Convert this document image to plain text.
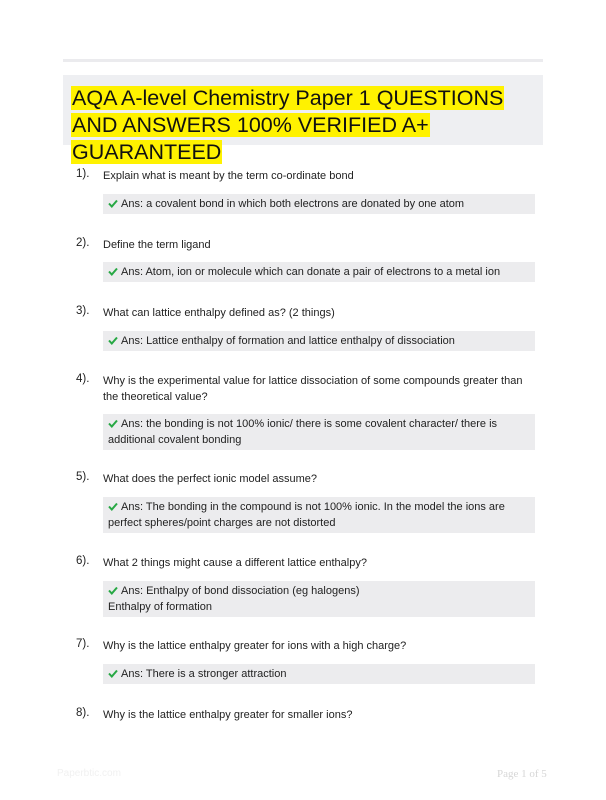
AQA A-level Chemistry Paper 1 QUESTIONS AND ANSWERS 100% VERIFIED A+ GUARANTEED
1). Explain what is meant by the term co-ordinate bond
Ans: a covalent bond in which both electrons are donated by one atom
2). Define the term ligand
Ans: Atom, ion or molecule which can donate a pair of electrons to a metal ion
3). What can lattice enthalpy defined as? (2 things)
Ans: Lattice enthalpy of formation and lattice enthalpy of dissociation
4). Why is the experimental value for lattice dissociation of some compounds greater than the theoretical value?
Ans: the bonding is not 100% ionic/ there is some covalent character/ there is additional covalent bonding
5). What does the perfect ionic model assume?
Ans: The bonding in the compound is not 100% ionic. In the model the ions are perfect spheres/point charges are not distorted
6). What 2 things might cause a different lattice enthalpy?
Ans: Enthalpy of bond dissociation (eg halogens)
Enthalpy of formation
7). Why is the lattice enthalpy greater for ions with a high charge?
Ans: There is a stronger attraction
8). Why is the lattice enthalpy greater for smaller ions?
Paperbtic.com	Page 1 of 5
